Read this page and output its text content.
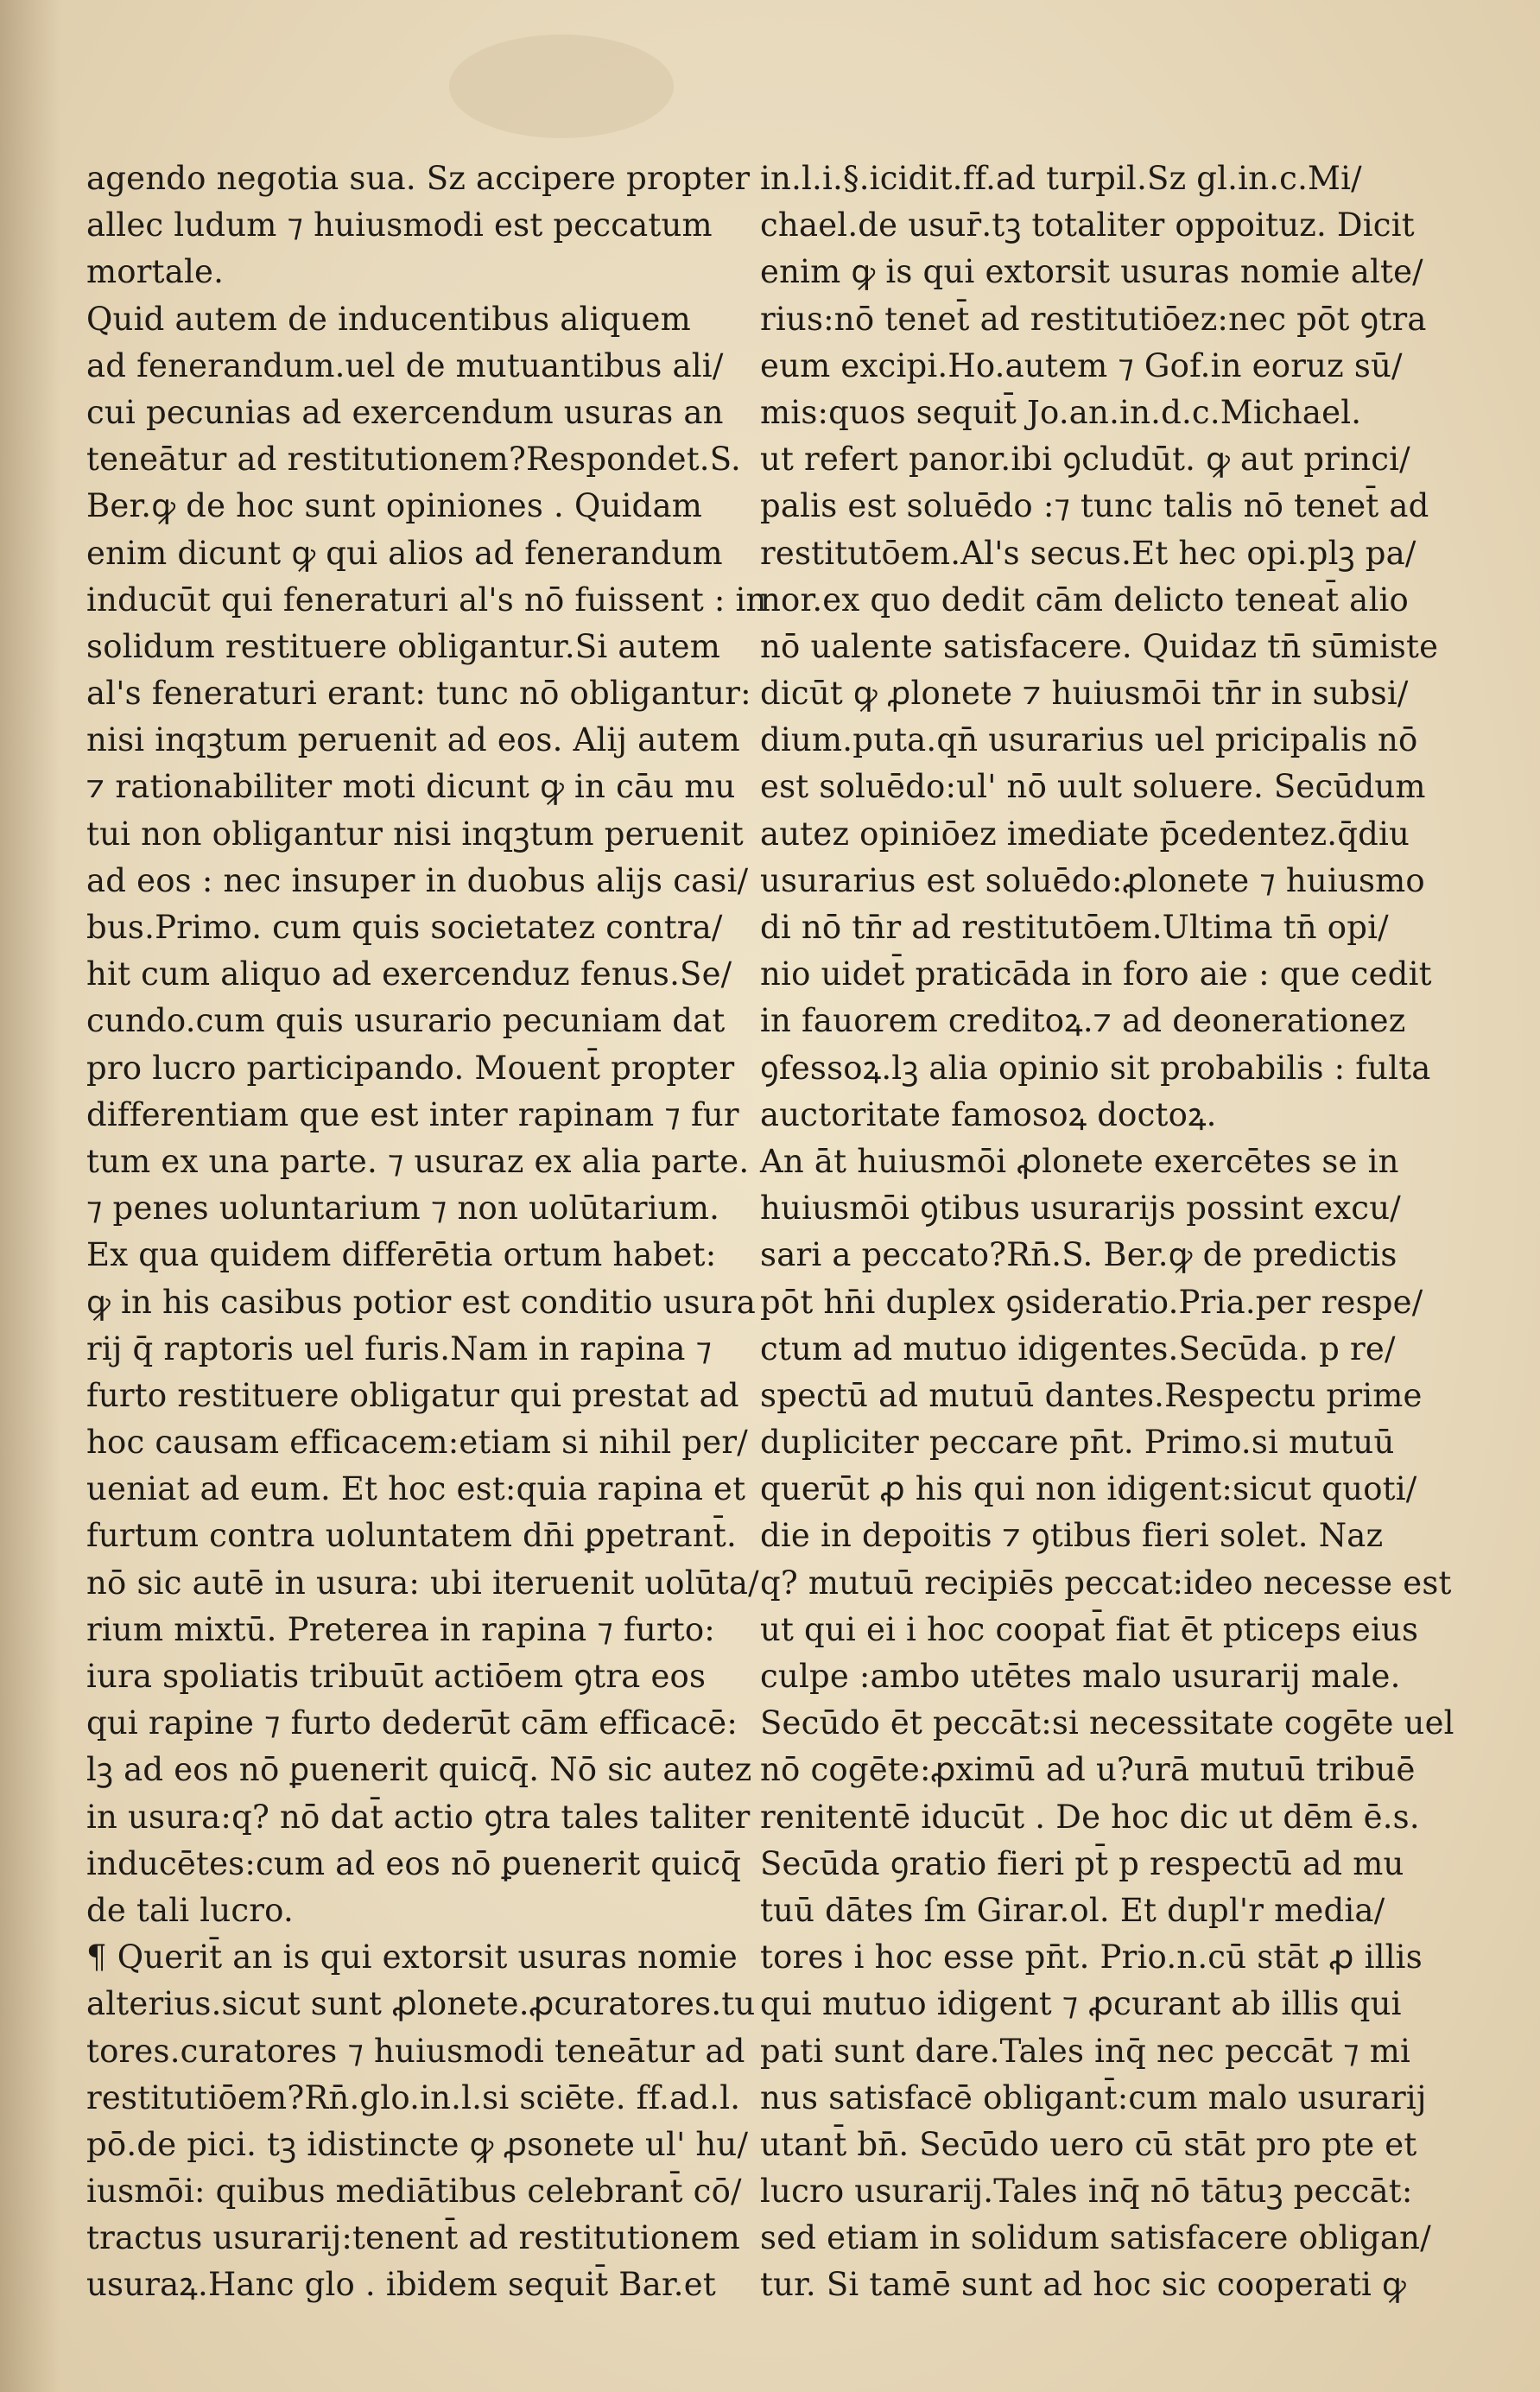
agendo negotia sua. Sz accipere propter
allec ludum ⁊ huiusmodi est peccatum
mortale.
Quid autem de inducentibus aliquem
ad fenerandum.uel de mutuantibus ali/
cui pecunias ad exercendum usuras an
teneātur ad restitutionem?Respondet.S.
Ber.ꝙ de hoc sunt opiniones . Quidam
enim dicunt ꝙ qui alios ad fenerandum
inducūt qui feneraturi al's nō fuissent : in
solidum restituere obligantur.Si autem
al's feneraturi erant: tunc nō obligantur:
nisi inqꝫtum peruenit ad eos. Alij autem
⁊ rationabiliter moti dicunt ꝙ in cāu mu
tui non obligantur nisi inqꝫtum peruenit
ad eos : nec insuper in duobus alijs casi/
bus.Primo. cum quis societatez contra/
hit cum aliquo ad exercenduz fenus.Se/
cundo.cum quis usurario pecuniam dat
pro lucro participando. Mouent̄ propter
differentiam que est inter rapinam ⁊ fur
tum ex una parte. ⁊ usuraz ex alia parte.
⁊ penes uoluntarium ⁊ non uolūtarium.
Ex qua quidem differētia ortum habet:
ꝙ in his casibus potior est conditio usura
rij q̄ raptoris uel furis.Nam in rapina ⁊
furto restituere obligatur qui prestat ad
hoc causam efficacem:etiam si nihil per/
ueniat ad eum. Et hoc est:quia rapina et
furtum contra uoluntatem dn̄i ꝑpetrant̄.
nō sic autē in usura: ubi iteruenit uolūta/
rium mixtū. Preterea in rapina ⁊ furto:
iura spoliatis tribuūt actiōem ꝯtra eos
qui rapine ⁊ furto dederūt cām efficacē:
lꝫ ad eos nō ꝑuenerit quicq̄. Nō sic autez
in usura:q? nō dat̄ actio ꝯtra tales taliter
inducētes:cum ad eos nō ꝑuenerit quicq̄
de tali lucro.
¶ Querit̄ an is qui extorsit usuras nomie
alterius.sicut sunt ꝓlonete.ꝓcuratores.tu
tores.curatores ⁊ huiusmodi teneātur ad
restitutiōem?Rn̄.glo.in.l.si sciēte. ff.ad.l.
pō.de pici. tꝫ idistincte ꝙ ꝓsonete ul' hu/
iusmōi: quibus mediātibus celebrant̄ cō/
tractus usurarij:tenent̄ ad restitutionem
usuraꝝ.Hanc glo . ibidem sequit̄ Bar.et
in.l.i.§.icidit.ff.ad turpil.Sz gl.in.c.Mi/
chael.de usur̄.tꝫ totaliter oppoituz. Dicit
enim ꝙ is qui extorsit usuras nomie alte/
rius:nō tenet̄ ad restitutiōez:nec pōt ꝯtra
eum excipi.Ho.autem ⁊ Gof.in eoruz sū/
mis:quos sequit̄ Jo.an.in.d.c.Michael.
ut refert panor.ibi ꝯcludūt. ꝙ aut princi/
palis est soluēdo :⁊ tunc talis nō tenet̄ ad
restitutōem.Al's secus.Et hec opi.plꝫ pa/
nor.ex quo dedit cām delicto teneat̄ alio
nō ualente satisfacere. Quidaz tn̄ sūmiste
dicūt ꝙ ꝓlonete ⁊ huiusmōi tn̄r in subsi/
dium.puta.qn̄ usurarius uel pricipalis nō
est soluēdo:ul' nō uult soluere. Secūdum
autez opiniōez imediate p̄cedentez.q̄diu
usurarius est soluēdo:ꝓlonete ⁊ huiusmo
di nō tn̄r ad restitutōem.Ultima tn̄ opi/
nio uidet̄ praticāda in foro aie : que cedit
in fauorem creditoꝝ.⁊ ad deonerationez
ꝯfessoꝝ.lꝫ alia opinio sit probabilis : fulta
auctoritate famosoꝝ doctoꝝ.
An āt huiusmōi ꝓlonete exercētes se in
huiusmōi ꝯtibus usurarijs possint excu/
sari a peccato?Rn̄.S. Ber.ꝙ de predictis
pōt hn̄i duplex ꝯsideratio.Pria.per respe/
ctum ad mutuo idigentes.Secūda. p re/
spectū ad mutuū dantes.Respectu prime
dupliciter peccare pn̄t. Primo.si mutuū
querūt ꝓ his qui non idigent:sicut quoti/
die in depoitis ⁊ ꝯtibus fieri solet. Naz
q? mutuū recipiēs peccat:ideo necesse est
ut qui ei i hoc coopat̄ fiat ēt pticeps eius
culpe :ambo utētes malo usurarij male.
Secūdo ēt peccāt:si necessitate cogēte uel
nō cogēte:ꝓximū ad u?urā mutuū tribuē
renitentē iducūt . De hoc dic ut dēm ē.s.
Secūda ꝯratio fieri pt̄ p respectū ad mu
tuū dātes ſm Girar.ol. Et dupl'r media/
tores i hoc esse pn̄t. Prio.n.cū stāt ꝓ illis
qui mutuo idigent ⁊ ꝓcurant ab illis qui
pati sunt dare.Tales inq̄ nec peccāt ⁊ mi
nus satisfacē obligant̄:cum malo usurarij
utant̄ bn̄. Secūdo uero cū stāt pro pte et
lucro usurarij.Tales inq̄ nō tātuꝫ peccāt:
sed etiam in solidum satisfacere obligan/
tur. Si tamē sunt ad hoc sic cooperati ꝙ
